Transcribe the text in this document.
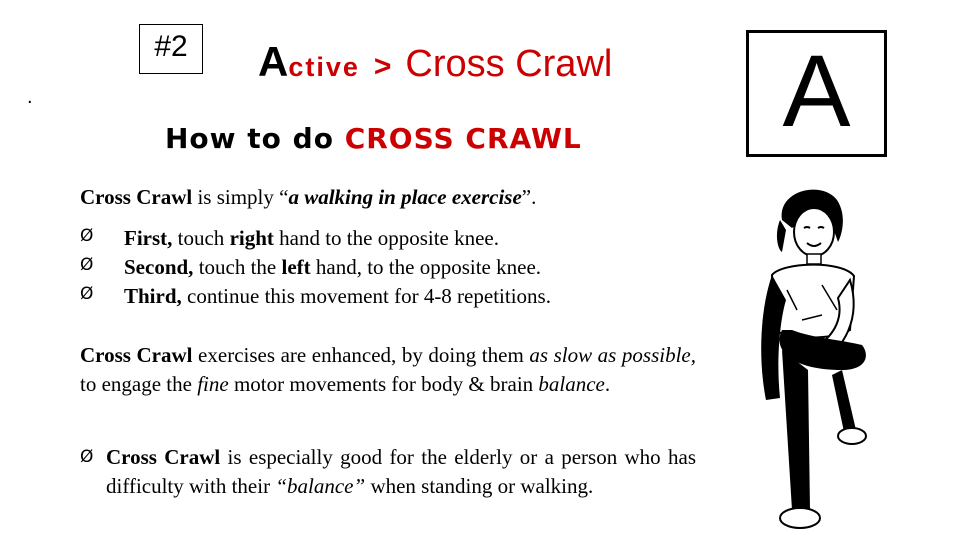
.
#2	Active > Cross Crawl
How to do CROSS CRAWL	A
Cross Crawl is simply “a walking in place exercise”.
Ø	First, touch right hand to the opposite knee.
Ø	Second, touch the left hand, to the opposite knee.
Ø	Third, continue this movement for 4-8 repetitions.
Cross Crawl exercises are enhanced, by doing them as slow as possible, to engage the fine motor movements for body & brain balance.
Ø Cross Crawl is especially good for the elderly or a person who has difficulty with their “balance” when standing or walking.
